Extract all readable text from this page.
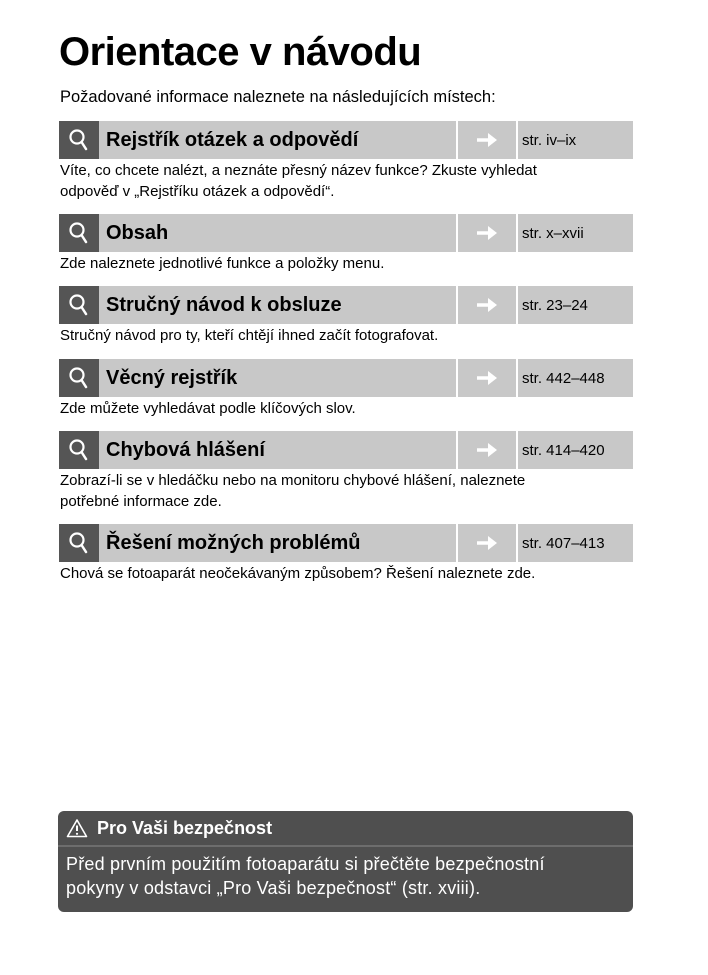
Orientace v návodu
Požadované informace naleznete na následujících místech:
Rejstřík otázek a odpovědí	str. iv–ix
Víte, co chcete nalézt, a neznáte přesný název funkce? Zkuste vyhledat
odpověď v „Rejstříku otázek a odpovědí“.
Obsah	str. x–xvii
Zde naleznete jednotlivé funkce a položky menu.
Stručný návod k obsluze	str. 23–24
Stručný návod pro ty, kteří chtějí ihned začít fotografovat.
Věcný rejstřík	str. 442–448
Zde můžete vyhledávat podle klíčových slov.
Chybová hlášení	str. 414–420
Zobrazí-li se v hledáčku nebo na monitoru chybové hlášení, naleznete
potřebné informace zde.
Řešení možných problémů	str. 407–413
Chová se fotoaparát neočekávaným způsobem? Řešení naleznete zde.
Pro Vaši bezpečnost
Před prvním použitím fotoaparátu si přečtěte bezpečnostní
pokyny v odstavci „Pro Vaši bezpečnost“ (str. xviii).
